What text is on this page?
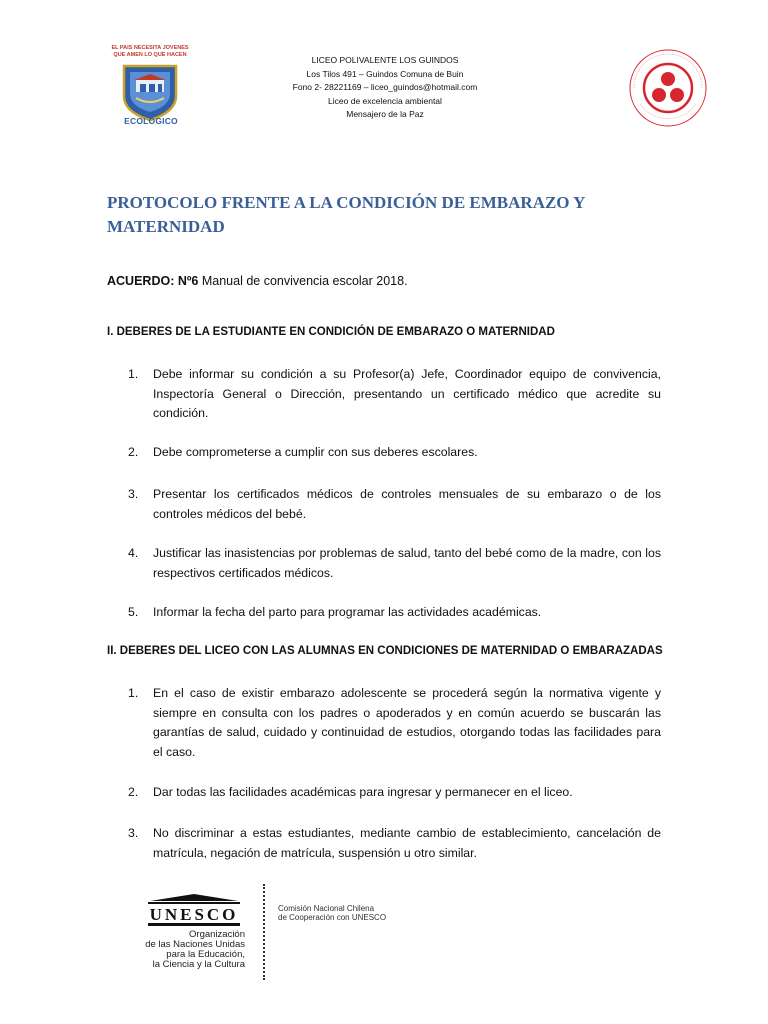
EL PAIS NECESITA JOVENES
QUE AMEN LO QUE HACEN
ECOLOGICO
LICEO POLIVALENTE LOS GUINDOS
Los Tilos 491 – Guindos Comuna de Buin
Fono 2- 28221169 – liceo_guindos@hotmail.com
Liceo de excelencia ambiental
Mensajero de la Paz
PROTOCOLO FRENTE A LA CONDICIÓN DE EMBARAZO Y MATERNIDAD
ACUERDO: Nº6 Manual de convivencia escolar 2018.
I. DEBERES DE LA ESTUDIANTE EN CONDICIÓN DE EMBARAZO O MATERNIDAD
1. Debe informar su condición a su Profesor(a) Jefe, Coordinador equipo de convivencia, Inspectoría General o Dirección, presentando un certificado médico que acredite su condición.
2. Debe comprometerse a cumplir con sus deberes escolares.
3. Presentar los certificados médicos de controles mensuales de su embarazo o de los controles médicos del bebé.
4. Justificar las inasistencias por problemas de salud, tanto del bebé como de la madre, con los respectivos certificados médicos.
5. Informar la fecha del parto para programar las actividades académicas.
II. DEBERES DEL LICEO CON LAS ALUMNAS EN CONDICIONES DE MATERNIDAD O EMBARAZADAS
1. En el caso de existir embarazo adolescente se procederá según la normativa vigente y siempre en consulta con los padres o apoderados y en común acuerdo se buscarán las garantías de salud, cuidado y continuidad de estudios, otorgando todas las facilidades para el caso.
2. Dar todas las facilidades académicas para ingresar y permanecer en el liceo.
3. No discriminar a estas estudiantes, mediante cambio de establecimiento, cancelación de matrícula, negación de matrícula, suspensión u otro similar.
UNESCO
Organización
de las Naciones Unidas
para la Educación,
la Ciencia y la Cultura
Comisión Nacional Chilena
de Cooperación con UNESCO
